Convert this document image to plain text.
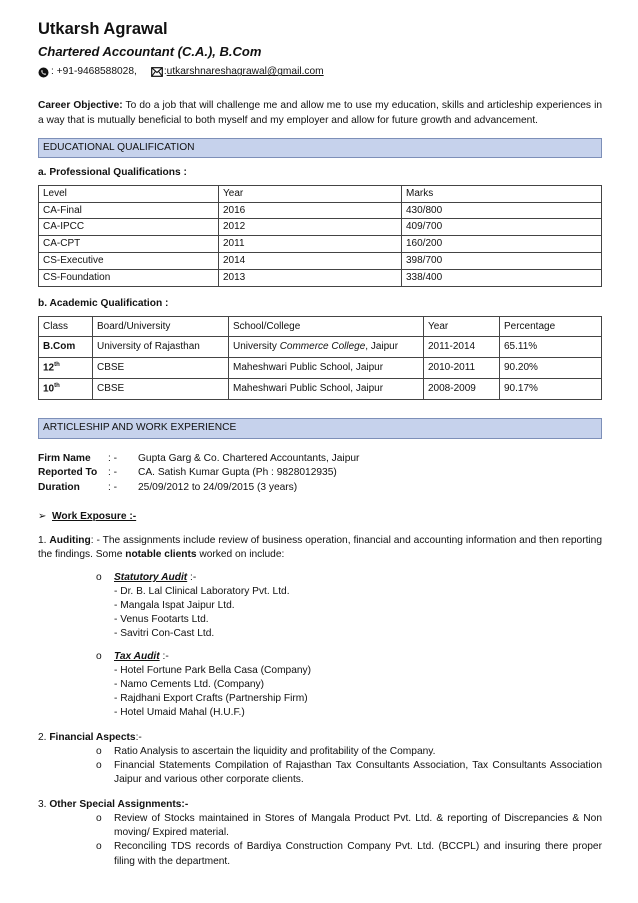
Utkarsh Agrawal
Chartered Accountant (C.A.), B.Com
: +91-9468588028,	: utkarshnareshagrawal@gmail.com
Career Objective: To do a job that will challenge me and allow me to use my education, skills and articleship experiences in a way that is mutually beneficial to both myself and my employer and allow for future growth and advancement.
EDUCATIONAL QUALIFICATION
a. Professional Qualifications :
Level	Year	Marks
CA-Final	2016	430/800
CA-IPCC	2012	409/700
CA-CPT	2011	160/200
CS-Executive	2014	398/700
CS-Foundation	2013	338/400
b. Academic Qualification :
Class	Board/University	School/College	Year	Percentage
B.Com	University of Rajasthan	University Commerce College, Jaipur	2011-2014	65.11%
12th	CBSE	Maheshwari Public School, Jaipur	2010-2011	90.20%
10th	CBSE	Maheshwari Public School, Jaipur	2008-2009	90.17%
ARTICLESHIP AND WORK EXPERIENCE
Firm Name	: -	Gupta Garg & Co. Chartered Accountants, Jaipur
Reported To	: -	CA. Satish Kumar Gupta (Ph : 9828012935)
Duration	: -	25/09/2012 to 24/09/2015 (3 years)
➢ Work Exposure :-

1. Auditing: - The assignments include review of business operation, financial and accounting information and then reporting the findings. Some notable clients worked on include:

o	Statutory Audit :-
- Dr. B. Lal Clinical Laboratory Pvt. Ltd.
- Mangala Ispat Jaipur Ltd.
- Venus Footarts Ltd.
- Savitri Con-Cast Ltd.
o	Tax Audit :-
- Hotel Fortune Park Bella Casa (Company)
- Namo Cements Ltd. (Company)
- Rajdhani Export Crafts (Partnership Firm)
- Hotel Umaid Mahal (H.U.F.)
2. Financial Aspects:-
o	Ratio Analysis to ascertain the liquidity and profitability of the Company.
o	Financial Statements Compilation of Rajasthan Tax Consultants Association, Tax Consultants Association Jaipur and various other corporate clients.
3. Other Special Assignments:-
o	Review of Stocks maintained in Stores of Mangala Product Pvt. Ltd. & reporting of Discrepancies & Non moving/ Expired material.
o	Reconciling TDS records of Bardiya Construction Company Pvt. Ltd. (BCCPL) and insuring there proper filing with the department.
